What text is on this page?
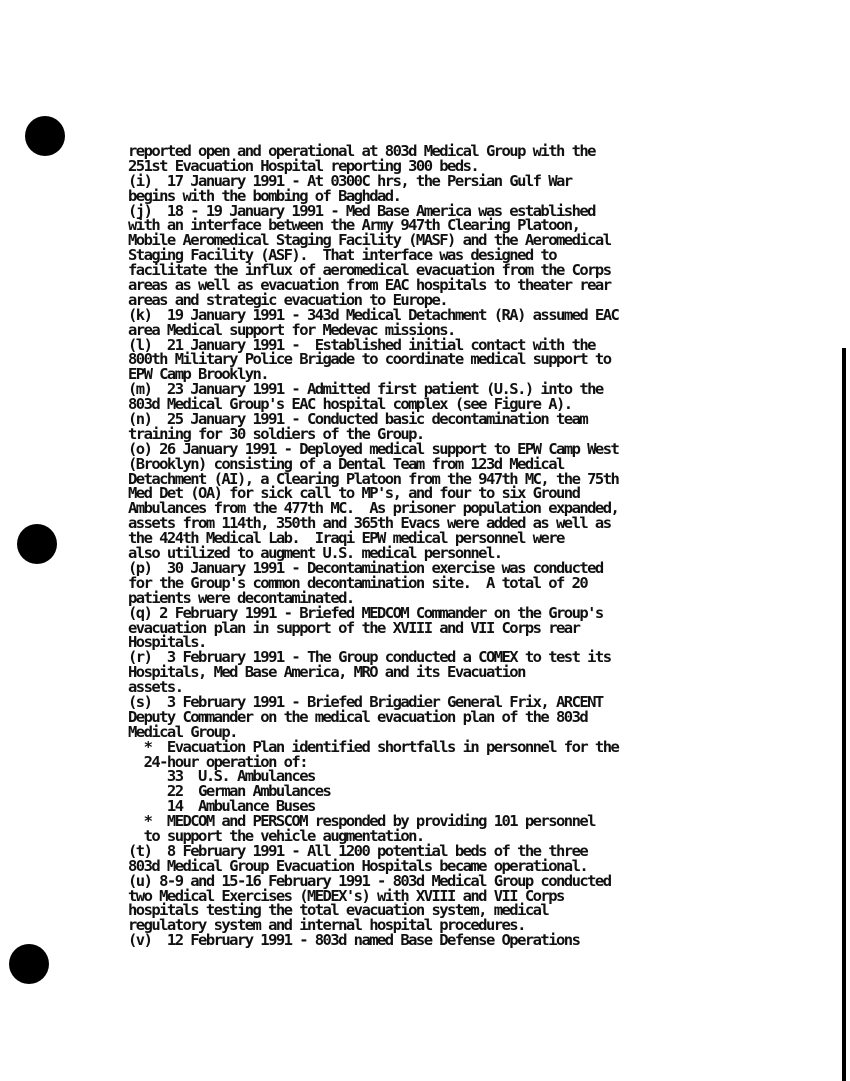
reported open and operational at 803d Medical Group with the
251st Evacuation Hospital reporting 300 beds.
(i)  17 January 1991 - At 0300C hrs, the Persian Gulf War
begins with the bombing of Baghdad.
(j)  18 - 19 January 1991 - Med Base America was established
with an interface between the Army 947th Clearing Platoon,
Mobile Aeromedical Staging Facility (MASF) and the Aeromedical
Staging Facility (ASF).  That interface was designed to
facilitate the influx of aeromedical evacuation from the Corps
areas as well as evacuation from EAC hospitals to theater rear
areas and strategic evacuation to Europe.
(k)  19 January 1991 - 343d Medical Detachment (RA) assumed EAC
area Medical support for Medevac missions.
(l)  21 January 1991 -  Established initial contact with the
800th Military Police Brigade to coordinate medical support to
EPW Camp Brooklyn.
(m)  23 January 1991 - Admitted first patient (U.S.) into the
803d Medical Group's EAC hospital complex (see Figure A).
(n)  25 January 1991 - Conducted basic decontamination team
training for 30 soldiers of the Group.
(o) 26 January 1991 - Deployed medical support to EPW Camp West
(Brooklyn) consisting of a Dental Team from 123d Medical
Detachment (AI), a Clearing Platoon from the 947th MC, the 75th
Med Det (OA) for sick call to MP's, and four to six Ground
Ambulances from the 477th MC.  As prisoner population expanded,
assets from 114th, 350th and 365th Evacs were added as well as
the 424th Medical Lab.  Iraqi EPW medical personnel were
also utilized to augment U.S. medical personnel.
(p)  30 January 1991 - Decontamination exercise was conducted
for the Group's common decontamination site.  A total of 20
patients were decontaminated.
(q) 2 February 1991 - Briefed MEDCOM Commander on the Group's
evacuation plan in support of the XVIII and VII Corps rear
Hospitals.
(r)  3 February 1991 - The Group conducted a COMEX to test its
Hospitals, Med Base America, MRO and its Evacuation
assets.
(s)  3 February 1991 - Briefed Brigadier General Frix, ARCENT
Deputy Commander on the medical evacuation plan of the 803d
Medical Group.
*  Evacuation Plan identified shortfalls in personnel for the
24-hour operation of:
33  U.S. Ambulances
22  German Ambulances
14  Ambulance Buses
*  MEDCOM and PERSCOM responded by providing 101 personnel
to support the vehicle augmentation.
(t)  8 February 1991 - All 1200 potential beds of the three
803d Medical Group Evacuation Hospitals became operational.
(u) 8-9 and 15-16 February 1991 - 803d Medical Group conducted
two Medical Exercises (MEDEX's) with XVIII and VII Corps
hospitals testing the total evacuation system, medical
regulatory system and internal hospital procedures.
(v)  12 February 1991 - 803d named Base Defense Operations
